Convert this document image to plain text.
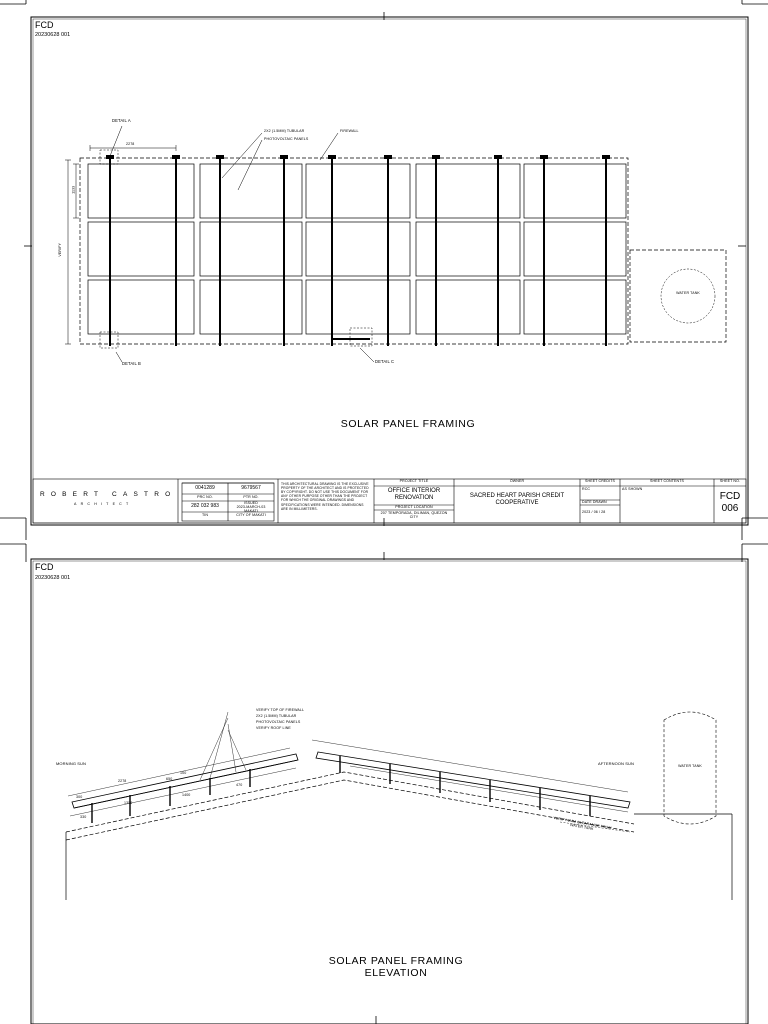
FCD
20230628 001
DETAIL A
2X2 (1.5MM) TUBULAR
PHOTOVOLTAIC PANELS
FIREWALL
2278
1133
VERIFY
DETAIL B	DETAIL C
WATER TANK
SOLAR PANEL FRAMING
ROBERT CASTRO
ARCHITECT
0041289	9679567
PRC NO.	PTR NO.
282 032 983
TIN
ISSUED
2023-MARCH-03
MAKATI
CITY OF MAKATI
THIS ARCHITECTURAL DRAWING IS THE EXCLUSIVE PROPERTY OF THE ARCHITECT AND IS PROTECTED BY COPYRIGHT. DO NOT USE THIS DOCUMENT FOR ANY OTHER PURPOSE OTHER THAN THE PROJECT FOR WHICH THE ORIGINAL DRAWINGS AND SPECIFICATIONS WERE INTENDED. DIMENSIONS ARE IN MILLIMETERS.
PROJECT TITLE
OFFICE INTERIOR RENOVATION
PROJECT LOCATION
207 TEMPORADA, DILIMAN, QUEZON CITY
OWNER
SACRED HEART PARISH CREDIT COOPERATIVE
SHEET CREDITS
RCC
DATE DRAWN
2023 / 06 / 28
SHEET CONTENTS
AS SHOWN
SHEET NO.
FCD
006
FCD
20230628 001
VERIFY TOP OF FIREWALL
2X2 (1.5MM) TUBULAR
PHOTOVOLTAIC PANELS
VERIFY ROOF LINE
MORNING SUN	AFTERNOON SUN	WATER TANK
VERIFY 3MM CLEARANCE FROM WATER TANK
300
2278	650
100
1350
1400
470
330
SOLAR PANEL FRAMING
ELEVATION
